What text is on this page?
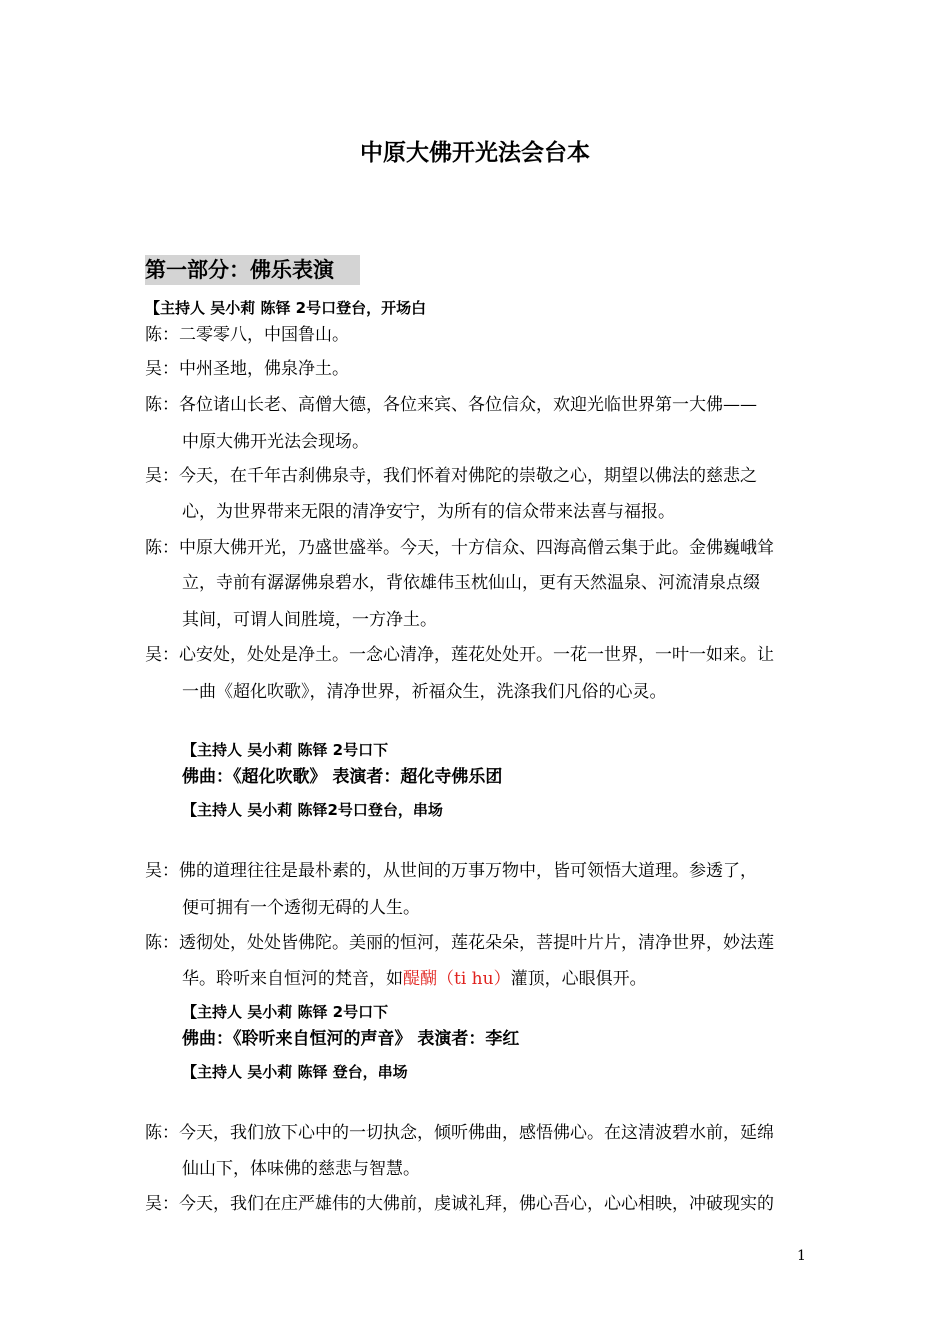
中原大佛开光法会台本
第一部分：佛乐表演
【主持人 吴小莉 陈铎 2号口登台，开场白
陈：二零零八，中国鲁山。
吴：中州圣地，佛泉净土。
陈：各位诸山长老、高僧大德，各位来宾、各位信众，欢迎光临世界第一大佛——
中原大佛开光法会现场。
吴：今天，在千年古刹佛泉寺，我们怀着对佛陀的崇敬之心，期望以佛法的慈悲之
心，为世界带来无限的清净安宁，为所有的信众带来法喜与福报。
陈：中原大佛开光，乃盛世盛举。今天，十方信众、四海高僧云集于此。金佛巍峨耸
立，寺前有潺潺佛泉碧水，背依雄伟玉枕仙山，更有天然温泉、河流清泉点缀
其间，可谓人间胜境，一方净土。
吴：心安处，处处是净土。一念心清净，莲花处处开。一花一世界，一叶一如来。让
一曲《超化吹歌》，清净世界，祈福众生，洗涤我们凡俗的心灵。
【主持人 吴小莉 陈铎 2号口下
佛曲：《超化吹歌》 表演者：超化寺佛乐团
【主持人 吴小莉 陈铎2号口登台，串场
吴：佛的道理往往是最朴素的，从世间的万事万物中，皆可领悟大道理。参透了，
便可拥有一个透彻无碍的人生。
陈：透彻处，处处皆佛陀。美丽的恒河，莲花朵朵，菩提叶片片，清净世界，妙法莲
华。聆听来自恒河的梵音，如醍醐（ti hu）灌顶，心眼俱开。
【主持人 吴小莉 陈铎 2号口下
佛曲：《聆听来自恒河的声音》 表演者：李红
【主持人 吴小莉 陈铎 登台，串场
陈：今天，我们放下心中的一切执念，倾听佛曲，感悟佛心。在这清波碧水前，延绵
仙山下，体味佛的慈悲与智慧。
吴：今天，我们在庄严雄伟的大佛前，虔诚礼拜，佛心吾心，心心相映，冲破现实的
1
